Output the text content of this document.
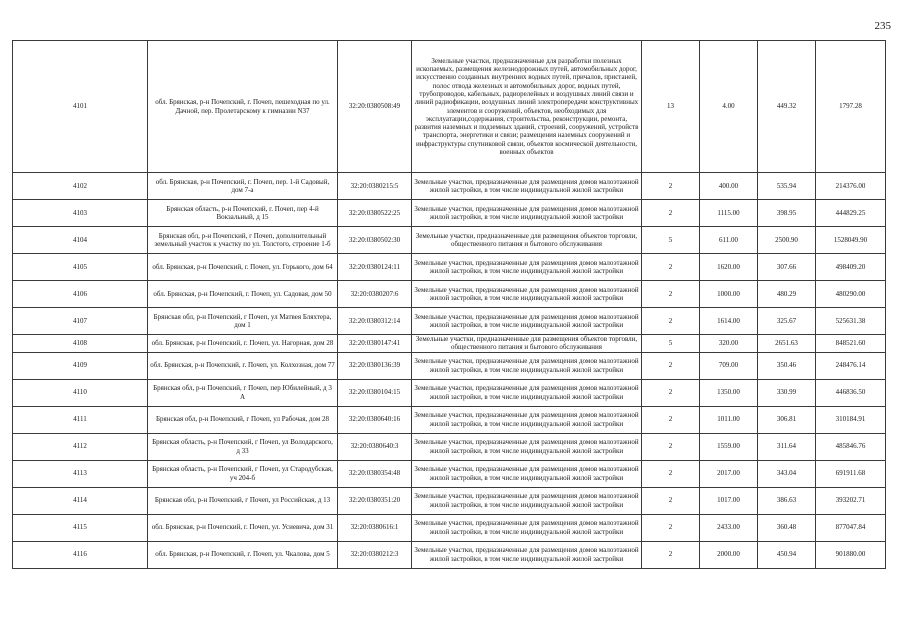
235
4101	обл. Брянская, р-н Почепский, г. Почеп, пешеходная по ул. Дачной, пер. Пролетарскому к гимназии N37	32:20:0380508:49	Земельные участки, предназначенные для разработки полезных ископаемых, размещения железнодорожных путей, автомобильных дорог, искусственно созданных внутренних водных путей, причалов, пристаней, полос отвода железных и автомобильных дорог, водных путей, трубопроводов, кабельных, радиорелейных и воздушных линий связи и линий радиофикации, воздушных линий электропередачи конструктивных элементов и сооружений, объектов, необходимых для эксплуатации,содержания, строительства, реконструкции, ремонта, развития наземных и подземных зданий, строений, сооружений, устройств транспорта, энергетики и связи; размещения наземных сооружений и инфраструктуры спутниковой связи, объектов космической деятельности, военных объектов	13	4.00	449.32	1797.28
4102	обл. Брянская, р-н Почепский, г. Почеп, пер. 1-й Садовый, дом 7-а	32:20:0380215:5	Земельные участки, предназначенные для размещения домов малоэтажной жилой застройки, в том числе индивидуальной жилой застройки	2	400.00	535.94	214376.00
4103	Брянская область, р-н Почепский, г. Почеп, пер 4-й Вокзальный, д 15	32:20:0380522:25	Земельные участки, предназначенные для размещения домов малоэтажной жилой застройки, в том числе индивидуальной жилой застройки	2	1115.00	398.95	444829.25
4104	Брянская обл, р-н Почепский, г Почеп, дополнительный земельный участок к участку по ул. Толстого, строение 1-б	32:20:0380502:30	Земельные участки, предназначенные для размещения объектов торговли, общественного питания и бытового обслуживания	5	611.00	2500.90	1528049.90
4105	обл. Брянская, р-н Почепский, г. Почеп, ул. Горького, дом 64	32:20:0380124:11	Земельные участки, предназначенные для размещения домов малоэтажной жилой застройки, в том числе индивидуальной жилой застройки	2	1620.00	307.66	498409.20
4106	обл. Брянская, р-н Почепский, г. Почеп, ул. Садовая, дом 50	32:20:0380207:6	Земельные участки, предназначенные для размещения домов малоэтажной жилой застройки, в том числе индивидуальной жилой застройки	2	1000.00	480.29	480290.00
4107	Брянская обл, р-н Почепский, г Почеп, ул Матвея Бляхтера, дом 1	32:20:0380312:14	Земельные участки, предназначенные для размещения домов малоэтажной жилой застройки, в том числе индивидуальной жилой застройки	2	1614.00	325.67	525631.38
4108	обл. Брянская, р-н Почепский, г. Почеп, ул. Нагорная, дом 28	32:20:0380147:41	Земельные участки, предназначенные для размещения объектов торговли, общественного питания и бытового обслуживания	5	320.00	2651.63	848521.60
4109	обл. Брянская, р-н Почепский, г. Почеп, ул. Колхозная, дом 77	32:20:0380136:39	Земельные участки, предназначенные для размещения домов малоэтажной жилой застройки, в том числе индивидуальной жилой застройки	2	709.00	350.46	248476.14
4110	Брянская обл, р-н Почепский, г Почеп, пер Юбилейный, д 3 А	32:20:0380104:15	Земельные участки, предназначенные для размещения домов малоэтажной жилой застройки, в том числе индивидуальной жилой застройки	2	1350.00	330.99	446836.50
4111	Брянская обл, р-н Почепский, г Почеп, ул Рабочая, дом 28	32:20:0380640:16	Земельные участки, предназначенные для размещения домов малоэтажной жилой застройки, в том числе индивидуальной жилой застройки	2	1011.00	306.81	310184.91
4112	Брянская область, р-н Почепский, г Почеп, ул Володарского, д 33	32:20:0380640:3	Земельные участки, предназначенные для размещения домов малоэтажной жилой застройки, в том числе индивидуальной жилой застройки	2	1559.00	311.64	485846.76
4113	Брянская область, р-н Почепский, г Почеп, ул Стародубская, уч 204-б	32:20:0380354:48	Земельные участки, предназначенные для размещения домов малоэтажной жилой застройки, в том числе индивидуальной жилой застройки	2	2017.00	343.04	691911.68
4114	Брянская обл, р-н Почепский, г Почеп, ул Российская, д 13	32:20:0380351:20	Земельные участки, предназначенные для размещения домов малоэтажной жилой застройки, в том числе индивидуальной жилой застройки	2	1017.00	386.63	393202.71
4115	обл. Брянская, р-н Почепский, г. Почеп, ул. Усиевича, дом 31	32:20:0380616:1	Земельные участки, предназначенные для размещения домов малоэтажной жилой застройки, в том числе индивидуальной жилой застройки	2	2433.00	360.48	877047.84
4116	обл. Брянская, р-н Почепский, г. Почеп, ул. Чкалова, дом 5	32:20:0380212:3	Земельные участки, предназначенные для размещения домов малоэтажной жилой застройки, в том числе индивидуальной жилой застройки	2	2000.00	450.94	901880.00
